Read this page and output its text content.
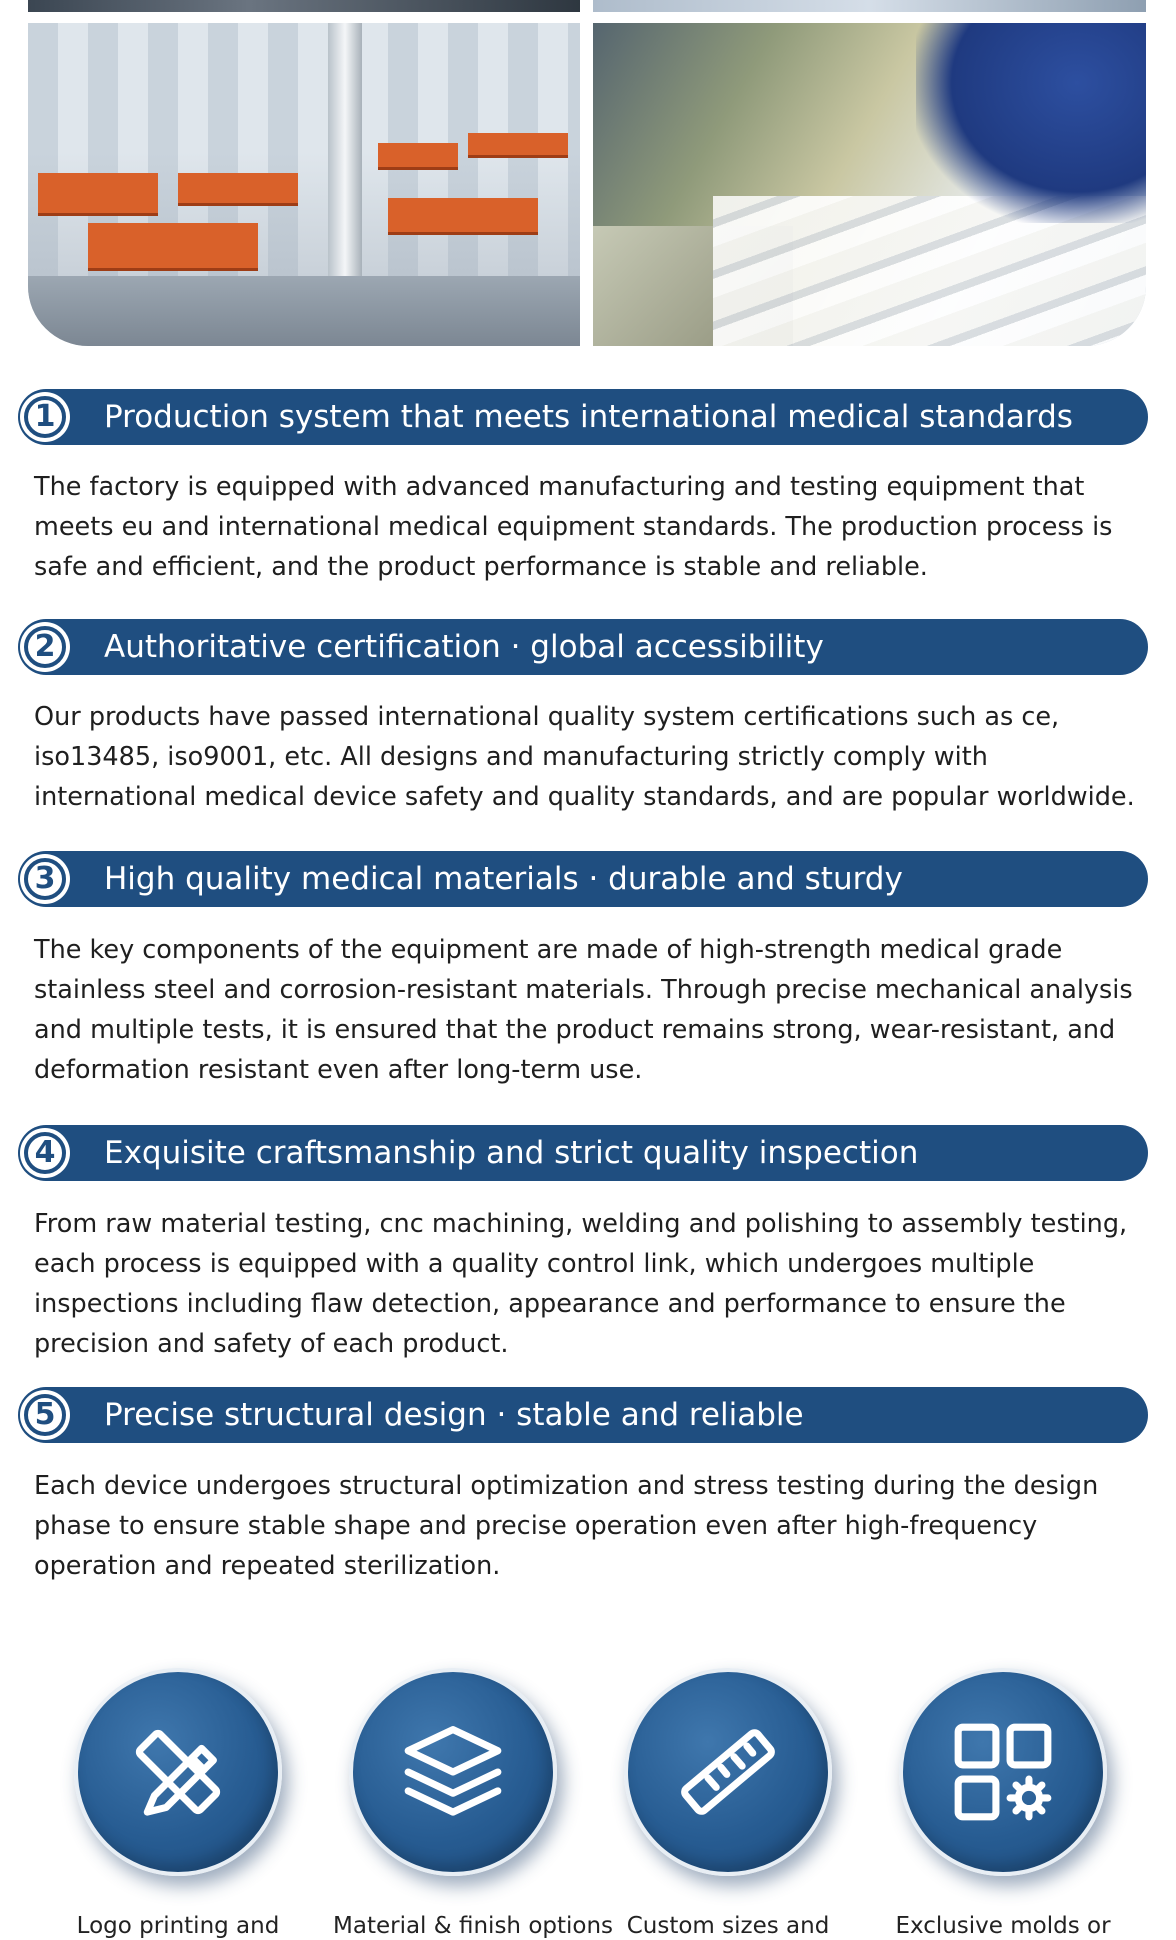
1	Production system that meets international medical standards
The factory is equipped with advanced manufacturing and testing equipment that meets eu and international medical equipment standards. The production process is safe and efficient, and the product performance is stable and reliable.
2	Authoritative certification · global accessibility
Our products have passed international quality system certifications such as ce, iso13485, iso9001, etc. All designs and manufacturing strictly comply with international medical device safety and quality standards, and are popular worldwide.
3	High quality medical materials · durable and sturdy
The key components of the equipment are made of high-strength medical grade stainless steel and corrosion-resistant materials. Through precise mechanical analysis and multiple tests, it is ensured that the product remains strong, wear-resistant, and deformation resistant even after long-term use.
4	Exquisite craftsmanship and strict quality inspection
From raw material testing, cnc machining, welding and polishing to assembly testing, each process is equipped with a quality control link, which undergoes multiple inspections including flaw detection, appearance and performance to ensure the precision and safety of each product.
5	Precise structural design · stable and reliable
Each device undergoes structural optimization and stress testing during the design phase to ensure stable shape and precise operation even after high-frequency operation and repeated sterilization.
Logo printing and	Material & finish options Custom sizes and	Exclusive molds or
